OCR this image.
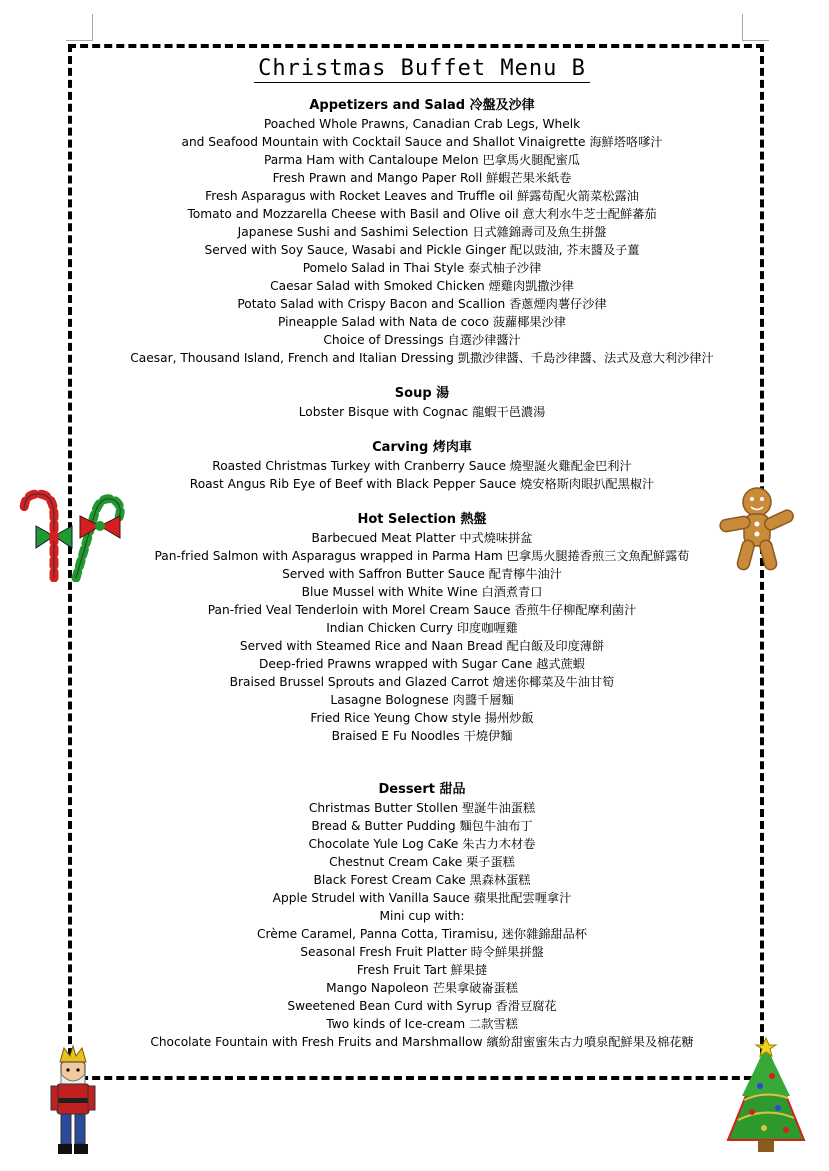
Christmas Buffet Menu B
Appetizers and Salad 冷盤及沙律
Poached Whole Prawns, Canadian Crab Legs, Whelk
and Seafood Mountain with Cocktail Sauce and Shallot Vinaigrette 海鮮塔咯嗲汁
Parma Ham with Cantaloupe Melon 巴拿馬火腿配蜜瓜
Fresh Prawn and Mango Paper Roll 鮮蝦芒果米紙卷
Fresh Asparagus with Rocket Leaves and Truffle oil 鮮露荀配火箭菜松露油
Tomato and Mozzarella Cheese with Basil and Olive oil 意大利水牛芝士配鮮蕃茄
Japanese Sushi and Sashimi Selection 日式雜錦壽司及魚生拼盤
Served with Soy Sauce, Wasabi and Pickle Ginger 配以豉油, 芥末醬及子薑
Pomelo Salad in Thai Style 泰式柚子沙律
Caesar Salad with Smoked Chicken 煙雞肉凱撒沙律
Potato Salad with Crispy Bacon and Scallion 香蔥煙肉薯仔沙律
Pineapple Salad with Nata de coco 菠蘿椰果沙律
Choice of Dressings 自選沙律醬汁
Caesar, Thousand Island, French and Italian Dressing 凱撒沙律醬、千島沙律醬、法式及意大利沙律汁
Soup 湯
Lobster Bisque with Cognac 龍蝦干邑濃湯
Carving 烤肉車
Roasted Christmas Turkey with Cranberry Sauce 燒聖誕火雞配金巴利汁
Roast Angus Rib Eye of Beef with Black Pepper Sauce 燒安格斯肉眼扒配黑椒汁
Hot Selection 熱盤
Barbecued Meat Platter 中式燒味拼盆
Pan-fried Salmon with Asparagus wrapped in Parma Ham 巴拿馬火腿捲香煎三文魚配鮮露荀
Served with Saffron Butter Sauce 配青檸牛油汁
Blue Mussel with White Wine 白酒煮青口
Pan-fried Veal Tenderloin with Morel Cream Sauce 香煎牛仔柳配摩利菌汁
Indian Chicken Curry 印度咖喱雞
Served with Steamed Rice and Naan Bread 配白飯及印度薄餅
Deep-fried Prawns wrapped with Sugar Cane 越式蔗蝦
Braised Brussel Sprouts and Glazed Carrot 燴迷你椰菜及牛油甘筍
Lasagne Bolognese 肉醬千層麵
Fried Rice Yeung Chow style 揚州炒飯
Braised E Fu Noodles 干燒伊麵
Dessert 甜品
Christmas Butter Stollen 聖誕牛油蛋糕
Bread & Butter Pudding 麵包牛油布丁
Chocolate Yule Log CaKe 朱古力木材卷
Chestnut Cream Cake 栗子蛋糕
Black Forest Cream Cake 黑森林蛋糕
Apple Strudel with Vanilla Sauce 蘋果批配雲喱拿汁
Mini cup with:
Crème Caramel, Panna Cotta, Tiramisu, 迷你雜錦甜品杯
Seasonal Fresh Fruit Platter 時令鮮果拼盤
Fresh Fruit Tart 鮮果撻
Mango Napoleon 芒果拿破崙蛋糕
Sweetened Bean Curd with Syrup 香滑豆腐花
Two kinds of Ice-cream 二款雪糕
Chocolate Fountain with Fresh Fruits and Marshmallow 繽紛甜蜜蜜朱古力噴泉配鮮果及棉花糖
